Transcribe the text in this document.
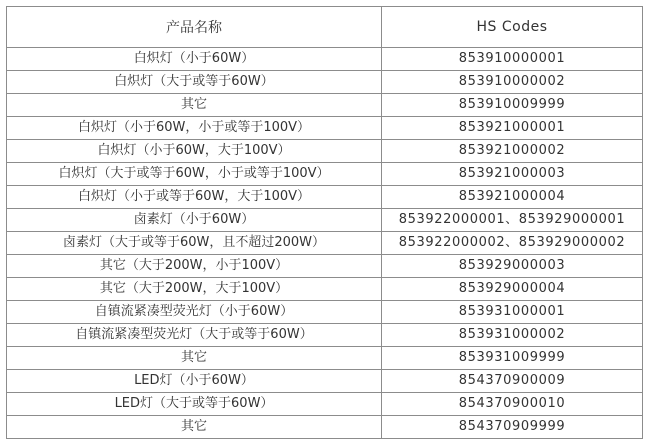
产品名称	HS Codes
白炽灯（小于60W）	853910000001
白炽灯（大于或等于60W）	853910000002
其它	853910009999
白炽灯（小于60W，小于或等于100V）	853921000001
白炽灯（小于60W，大于100V）	853921000002
白炽灯（大于或等于60W，小于或等于100V）	853921000003
白炽灯（小于或等于60W，大于100V）	853921000004
卤素灯（小于60W）	853922000001、853929000001
卤素灯（大于或等于60W，且不超过200W）	853922000002、853929000002
其它（大于200W，小于100V）	853929000003
其它（大于200W，大于100V）	853929000004
自镇流紧凑型荧光灯（小于60W）	853931000001
自镇流紧凑型荧光灯（大于或等于60W）	853931000002
其它	853931009999
LED灯（小于60W）	854370900009
LED灯（大于或等于60W）	854370900010
其它	854370909999
